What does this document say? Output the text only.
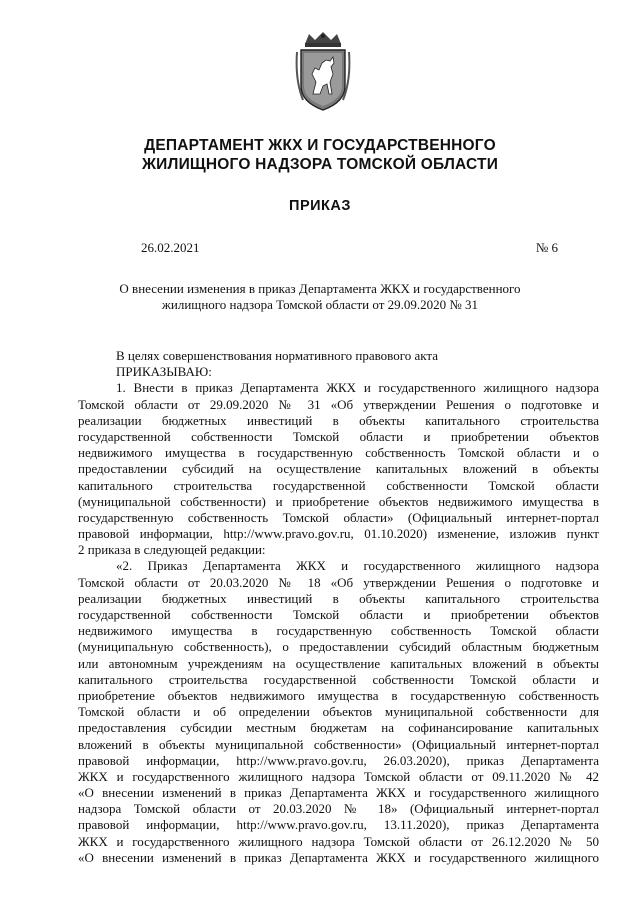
ДЕПАРТАМЕНТ ЖКХ И ГОСУДАРСТВЕННОГО
ЖИЛИЩНОГО НАДЗОРА ТОМСКОЙ ОБЛАСТИ
ПРИКАЗ
26.02.2021	№ 6
О внесении изменения в приказ Департамента ЖКХ и государственного
жилищного надзора Томской области от 29.09.2020 № 31
В целях совершенствования нормативного правового акта
ПРИКАЗЫВАЮ:
1. Внести в приказ Департамента ЖКХ и государственного жилищного надзора
Томской области от 29.09.2020 № 31 «Об утверждении Решения о подготовке и
реализации бюджетных инвестиций в объекты капитального строительства
государственной собственности Томской области и приобретении объектов
недвижимого имущества в государственную собственность Томской области и о
предоставлении субсидий на осуществление капитальных вложений в объекты
капитального строительства государственной собственности Томской области
(муниципальной собственности) и приобретение объектов недвижимого имущества в
государственную собственность Томской области» (Официальный интернет-портал
правовой информации, http://www.pravo.gov.ru, 01.10.2020) изменение, изложив пункт
2 приказа в следующей редакции:
«2. Приказ Департамента ЖКХ и государственного жилищного надзора
Томской области от 20.03.2020 № 18 «Об утверждении Решения о подготовке и
реализации бюджетных инвестиций в объекты капитального строительства
государственной собственности Томской области и приобретении объектов
недвижимого имущества в государственную собственность Томской области
(муниципальную собственность), о предоставлении субсидий областным бюджетным
или автономным учреждениям на осуществление капитальных вложений в объекты
капитального строительства государственной собственности Томской области и
приобретение объектов недвижимого имущества в государственную собственность
Томской области и об определении объектов муниципальной собственности для
предоставления субсидии местным бюджетам на софинансирование капитальных
вложений в объекты муниципальной собственности» (Официальный интернет-портал
правовой информации, http://www.pravo.gov.ru, 26.03.2020), приказ Департамента
ЖКХ и государственного жилищного надзора Томской области от 09.11.2020 № 42
«О внесении изменений в приказ Департамента ЖКХ и государственного жилищного
надзора Томской области от 20.03.2020 № 18» (Официальный интернет-портал
правовой информации, http://www.pravo.gov.ru, 13.11.2020), приказ Департамента
ЖКХ и государственного жилищного надзора Томской области от 26.12.2020 № 50
«О внесении изменений в приказ Департамента ЖКХ и государственного жилищного
